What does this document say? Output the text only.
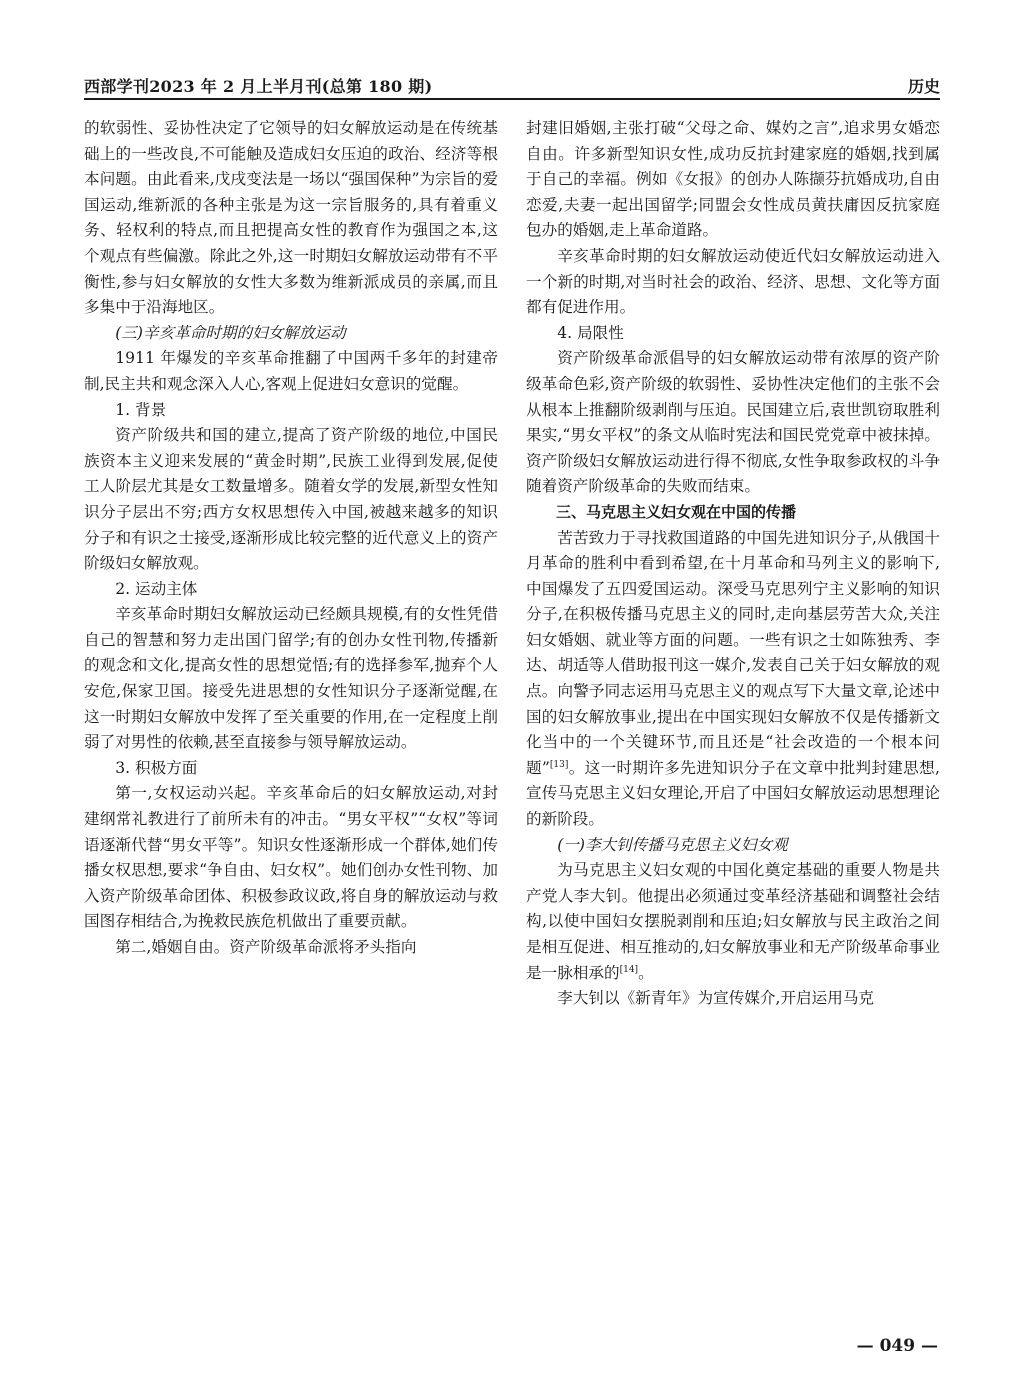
西部学刊2023 年 2 月上半月刊(总第 180 期)	历史

的软弱性、妥协性决定了它领导的妇女解放运动是在传统基础上的一些改良,不可能触及造成妇女压迫的政治、经济等根本问题。由此看来,戊戌变法是一场以“强国保种”为宗旨的爱国运动,维新派的各种主张是为这一宗旨服务的,具有着重义务、轻权利的特点,而且把提高女性的教育作为强国之本,这个观点有些偏激。除此之外,这一时期妇女解放运动带有不平衡性,参与妇女解放的女性大多数为维新派成员的亲属,而且多集中于沿海地区。

(三)辛亥革命时期的妇女解放运动

1911 年爆发的辛亥革命推翻了中国两千多年的封建帝制,民主共和观念深入人心,客观上促进妇女意识的觉醒。

1. 背景

资产阶级共和国的建立,提高了资产阶级的地位,中国民族资本主义迎来发展的“黄金时期”,民族工业得到发展,促使工人阶层尤其是女工数量增多。随着女学的发展,新型女性知识分子层出不穷;西方女权思想传入中国,被越来越多的知识分子和有识之士接受,逐渐形成比较完整的近代意义上的资产阶级妇女解放观。

2. 运动主体

辛亥革命时期妇女解放运动已经颇具规模,有的女性凭借自己的智慧和努力走出国门留学;有的创办女性刊物,传播新的观念和文化,提高女性的思想觉悟;有的选择参军,抛弃个人安危,保家卫国。接受先进思想的女性知识分子逐渐觉醒,在这一时期妇女解放中发挥了至关重要的作用,在一定程度上削弱了对男性的依赖,甚至直接参与领导解放运动。

3. 积极方面

第一,女权运动兴起。辛亥革命后的妇女解放运动,对封建纲常礼教进行了前所未有的冲击。“男女平权”“女权”等词语逐渐代替“男女平等”。知识女性逐渐形成一个群体,她们传播女权思想,要求“争自由、妇女权”。她们创办女性刊物、加入资产阶级革命团体、积极参政议政,将自身的解放运动与救国图存相结合,为挽救民族危机做出了重要贡献。

第二,婚姻自由。资产阶级革命派将矛头指向

封建旧婚姻,主张打破“父母之命、媒妁之言”,追求男女婚恋自由。许多新型知识女性,成功反抗封建家庭的婚姻,找到属于自己的幸福。例如《女报》的创办人陈撷芬抗婚成功,自由恋爱,夫妻一起出国留学;同盟会女性成员黄扶庸因反抗家庭包办的婚姻,走上革命道路。

辛亥革命时期的妇女解放运动使近代妇女解放运动进入一个新的时期,对当时社会的政治、经济、思想、文化等方面都有促进作用。

4. 局限性

资产阶级革命派倡导的妇女解放运动带有浓厚的资产阶级革命色彩,资产阶级的软弱性、妥协性决定他们的主张不会从根本上推翻阶级剥削与压迫。民国建立后,袁世凯窃取胜利果实,“男女平权”的条文从临时宪法和国民党党章中被抹掉。资产阶级妇女解放运动进行得不彻底,女性争取参政权的斗争随着资产阶级革命的失败而结束。

三、马克思主义妇女观在中国的传播

苦苦致力于寻找救国道路的中国先进知识分子,从俄国十月革命的胜利中看到希望,在十月革命和马列主义的影响下,中国爆发了五四爱国运动。深受马克思列宁主义影响的知识分子,在积极传播马克思主义的同时,走向基层劳苦大众,关注妇女婚姻、就业等方面的问题。一些有识之士如陈独秀、李达、胡适等人借助报刊这一媒介,发表自己关于妇女解放的观点。向警予同志运用马克思主义的观点写下大量文章,论述中国的妇女解放事业,提出在中国实现妇女解放不仅是传播新文化当中的一个关键环节,而且还是“社会改造的一个根本问题”[13]。这一时期许多先进知识分子在文章中批判封建思想,宣传马克思主义妇女理论,开启了中国妇女解放运动思想理论的新阶段。

(一)李大钊传播马克思主义妇女观

为马克思主义妇女观的中国化奠定基础的重要人物是共产党人李大钊。他提出必须通过变革经济基础和调整社会结构,以使中国妇女摆脱剥削和压迫;妇女解放与民主政治之间是相互促进、相互推动的,妇女解放事业和无产阶级革命事业是一脉相承的[14]。

李大钊以《新青年》为宣传媒介,开启运用马克

— 049 —
